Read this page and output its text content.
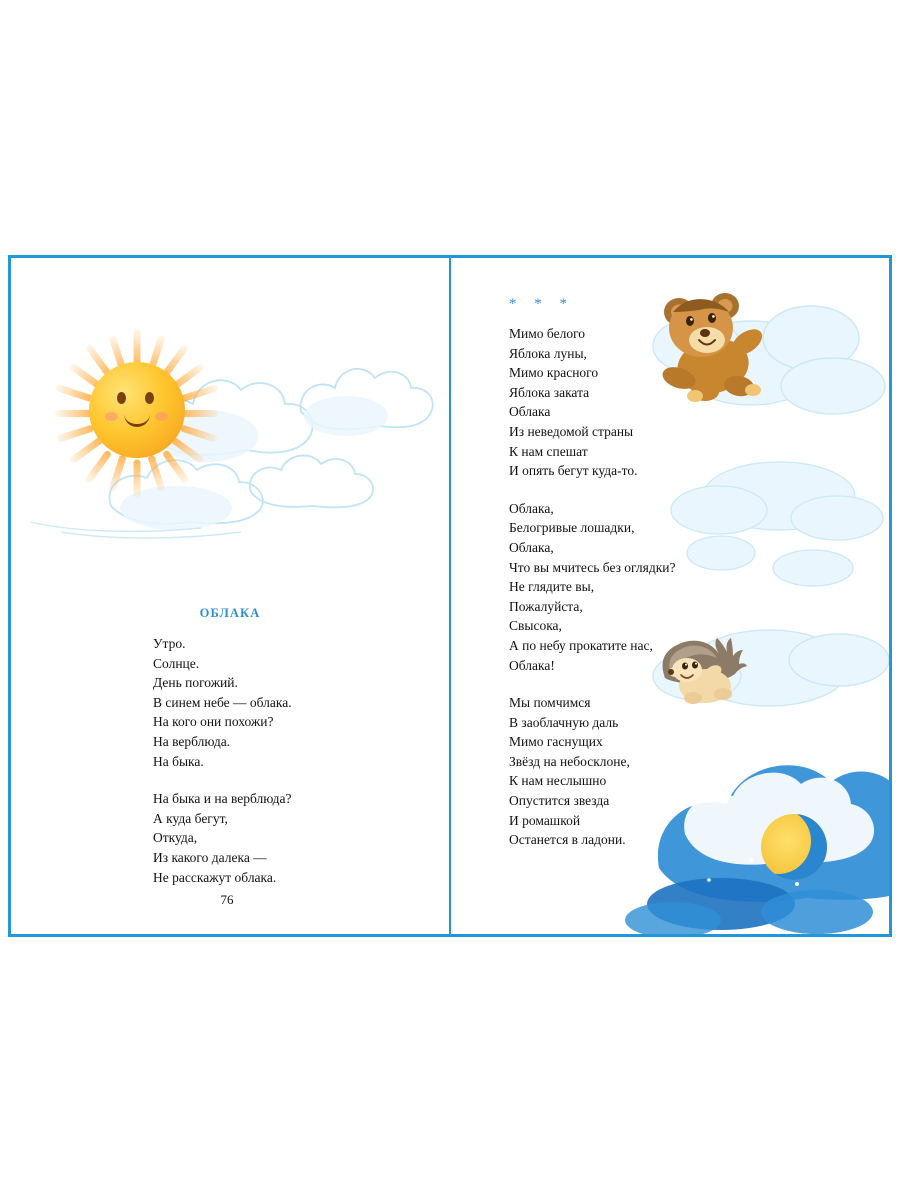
ОБЛАКА
Утро.
Солнце.
День погожий.
В синем небе — облака.
На кого они похожи?
На верблюда.
На быка.
На быка и на верблюда?
А куда бегут,
Откуда,
Из какого далека —
Не расскажут облака.
76
* * *
Мимо белого
Яблока луны,
Мимо красного
Яблока заката
Облака
Из неведомой страны
К нам спешат
И опять бегут куда-то.
Облака,
Белогривые лошадки,
Облака,
Что вы мчитесь без оглядки?
Не глядите вы,
Пожалуйста,
Свысока,
А по небу прокатите нас,
Облака!
Мы помчимся
В заоблачную даль
Мимо гаснущих
Звёзд на небосклоне,
К нам неслышно
Опустится звезда
И ромашкой
Останется в ладони.
